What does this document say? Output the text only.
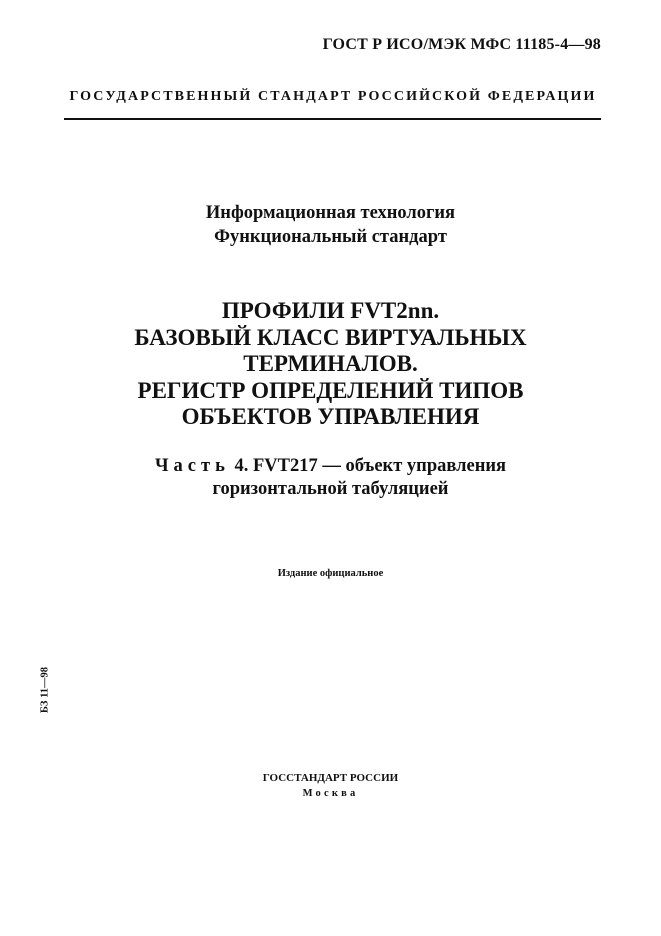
ГОСТ Р ИСО/МЭК МФС 11185-4—98
ГОСУДАРСТВЕННЫЙ СТАНДАРТ РОССИЙСКОЙ ФЕДЕРАЦИИ
Информационная технология
Функциональный стандарт
ПРОФИЛИ FVT2nn.
БАЗОВЫЙ КЛАСС ВИРТУАЛЬНЫХ
ТЕРМИНАЛОВ.
РЕГИСТР ОПРЕДЕЛЕНИЙ ТИПОВ
ОБЪЕКТОВ УПРАВЛЕНИЯ
Часть 4. FVT217 — объект управления
горизонтальной табуляцией
Издание официальное
БЗ 11—98
ГОССТАНДАРТ РОССИИ
Москва
